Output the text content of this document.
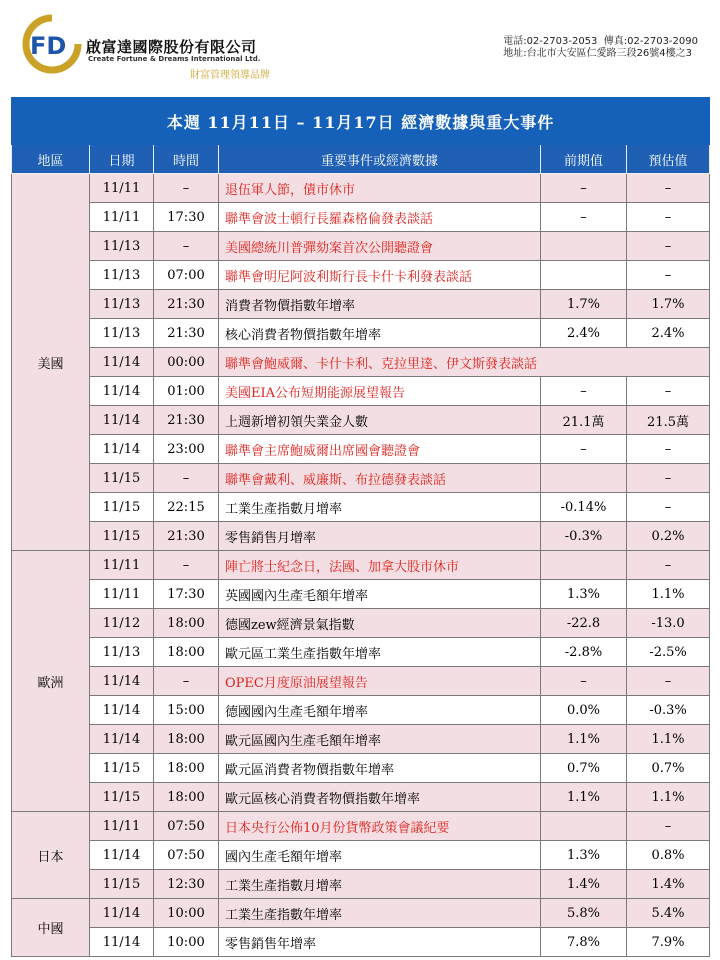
FD 啟富達國際股份有限公司
Create Fortune & Dreams International Ltd.
財富管理領導品牌
電話:02-2703-2053 傳真:02-2703-2090
地址:台北市大安區仁愛路三段26號4樓之3
本週 11月11日 – 11月17日 經濟數據與重大事件					
地區	日期	時間	重要事件或經濟數據	前期值	預估值
美國	11/11	–	退伍軍人節，債市休市	–	–
	11/11	17:30	聯準會波士頓行長羅森格倫發表談話	–	–
	11/13	–	美國總統川普彈劾案首次公開聽證會		–
	11/13	07:00	聯準會明尼阿波利斯行長卡什卡利發表談話		–
	11/13	21:30	消費者物價指數年增率	1.7%	1.7%
	11/13	21:30	核心消費者物價指數年增率	2.4%	2.4%
	11/14	00:00	聯準會鮑威爾、卡什卡利、克拉里達、伊文斯發表談話		
	11/14	01:00	美國EIA公布短期能源展望報告	–	–
	11/14	21:30	上週新增初領失業金人數	21.1萬	21.5萬
	11/14	23:00	聯準會主席鮑威爾出席國會聽證會	–	–
	11/15	–	聯準會戴利、威廉斯、布拉德發表談話		–
	11/15	22:15	工業生產指數月增率	-0.14%	–
	11/15	21:30	零售銷售月增率	-0.3%	0.2%
歐洲	11/11	–	陣亡將士紀念日，法國、加拿大股市休市		–
	11/11	17:30	英國國內生產毛額年增率	1.3%	1.1%
	11/12	18:00	德國zew經濟景氣指數	-22.8	-13.0
	11/13	18:00	歐元區工業生產指數年增率	-2.8%	-2.5%
	11/14	–	OPEC月度原油展望報告	–	–
	11/14	15:00	德國國內生產毛額年增率	0.0%	-0.3%
	11/14	18:00	歐元區國內生產毛額年增率	1.1%	1.1%
	11/15	18:00	歐元區消費者物價指數年增率	0.7%	0.7%
	11/15	18:00	歐元區核心消費者物價指數年增率	1.1%	1.1%
日本	11/11	07:50	日本央行公佈10月份貨幣政策會議紀要		–
	11/14	07:50	國內生產毛額年增率	1.3%	0.8%
	11/15	12:30	工業生產指數月增率	1.4%	1.4%
中國	11/14	10:00	工業生產指數年增率	5.8%	5.4%
	11/14	10:00	零售銷售年增率	7.8%	7.9%
